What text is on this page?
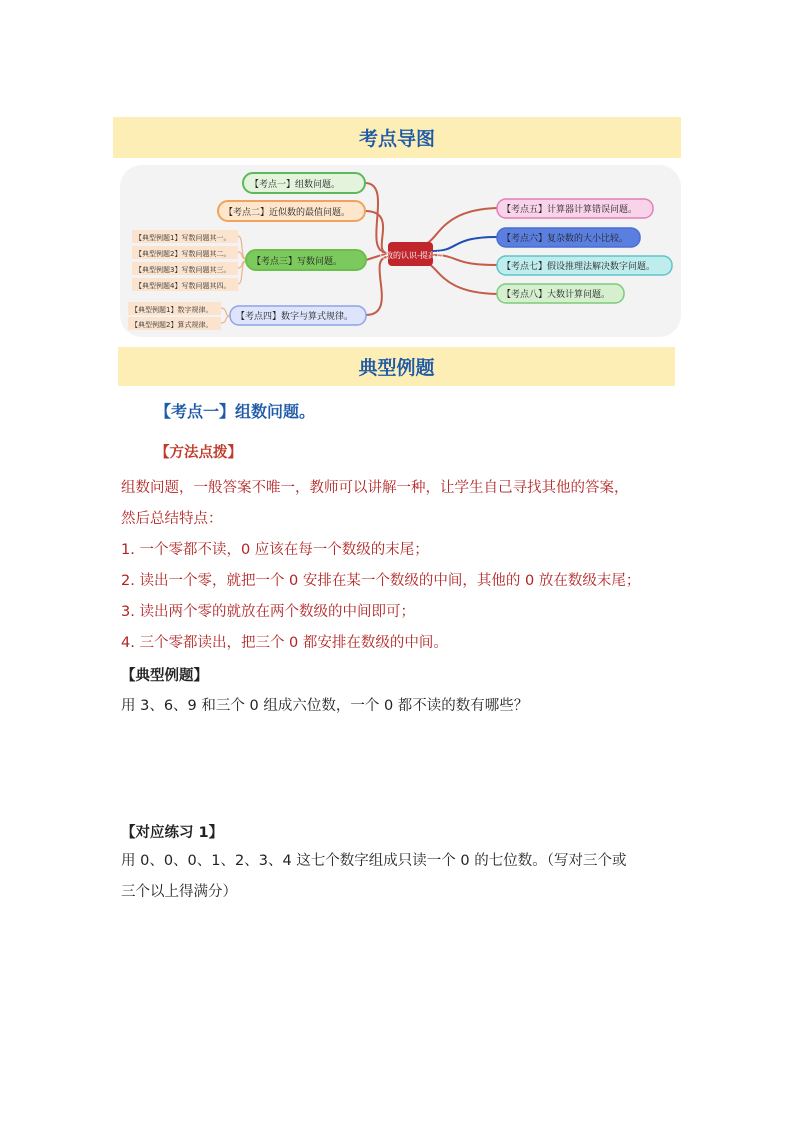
考点导图
大数的认识-提高篇
【考点一】组数问题。
【考点二】近似数的最值问题。
【考点三】写数问题。
【考点四】数字与算式规律。
【考点五】计算器计算错误问题。
【考点六】复杂数的大小比较。
【考点七】假设推理法解决数字问题。
【考点八】大数计算问题。
【典型例题1】写数问题其一。
【典型例题2】写数问题其二。
【典型例题3】写数问题其三。
【典型例题4】写数问题其四。
【典型例题1】数字规律。
【典型例题2】算式规律。
典型例题
【考点一】组数问题。
【方法点拨】
组数问题，一般答案不唯一，教师可以讲解一种，让学生自己寻找其他的答案，
然后总结特点：
1. 一个零都不读，0 应该在每一个数级的末尾；
2. 读出一个零，就把一个 0 安排在某一个数级的中间，其他的 0 放在数级末尾；
3. 读出两个零的就放在两个数级的中间即可；
4. 三个零都读出，把三个 0 都安排在数级的中间。
【典型例题】
用 3、6、9 和三个 0 组成六位数，一个 0 都不读的数有哪些？
【对应练习 1】
用 0、0、0、1、2、3、4 这七个数字组成只读一个 0 的七位数。（写对三个或
三个以上得满分）
